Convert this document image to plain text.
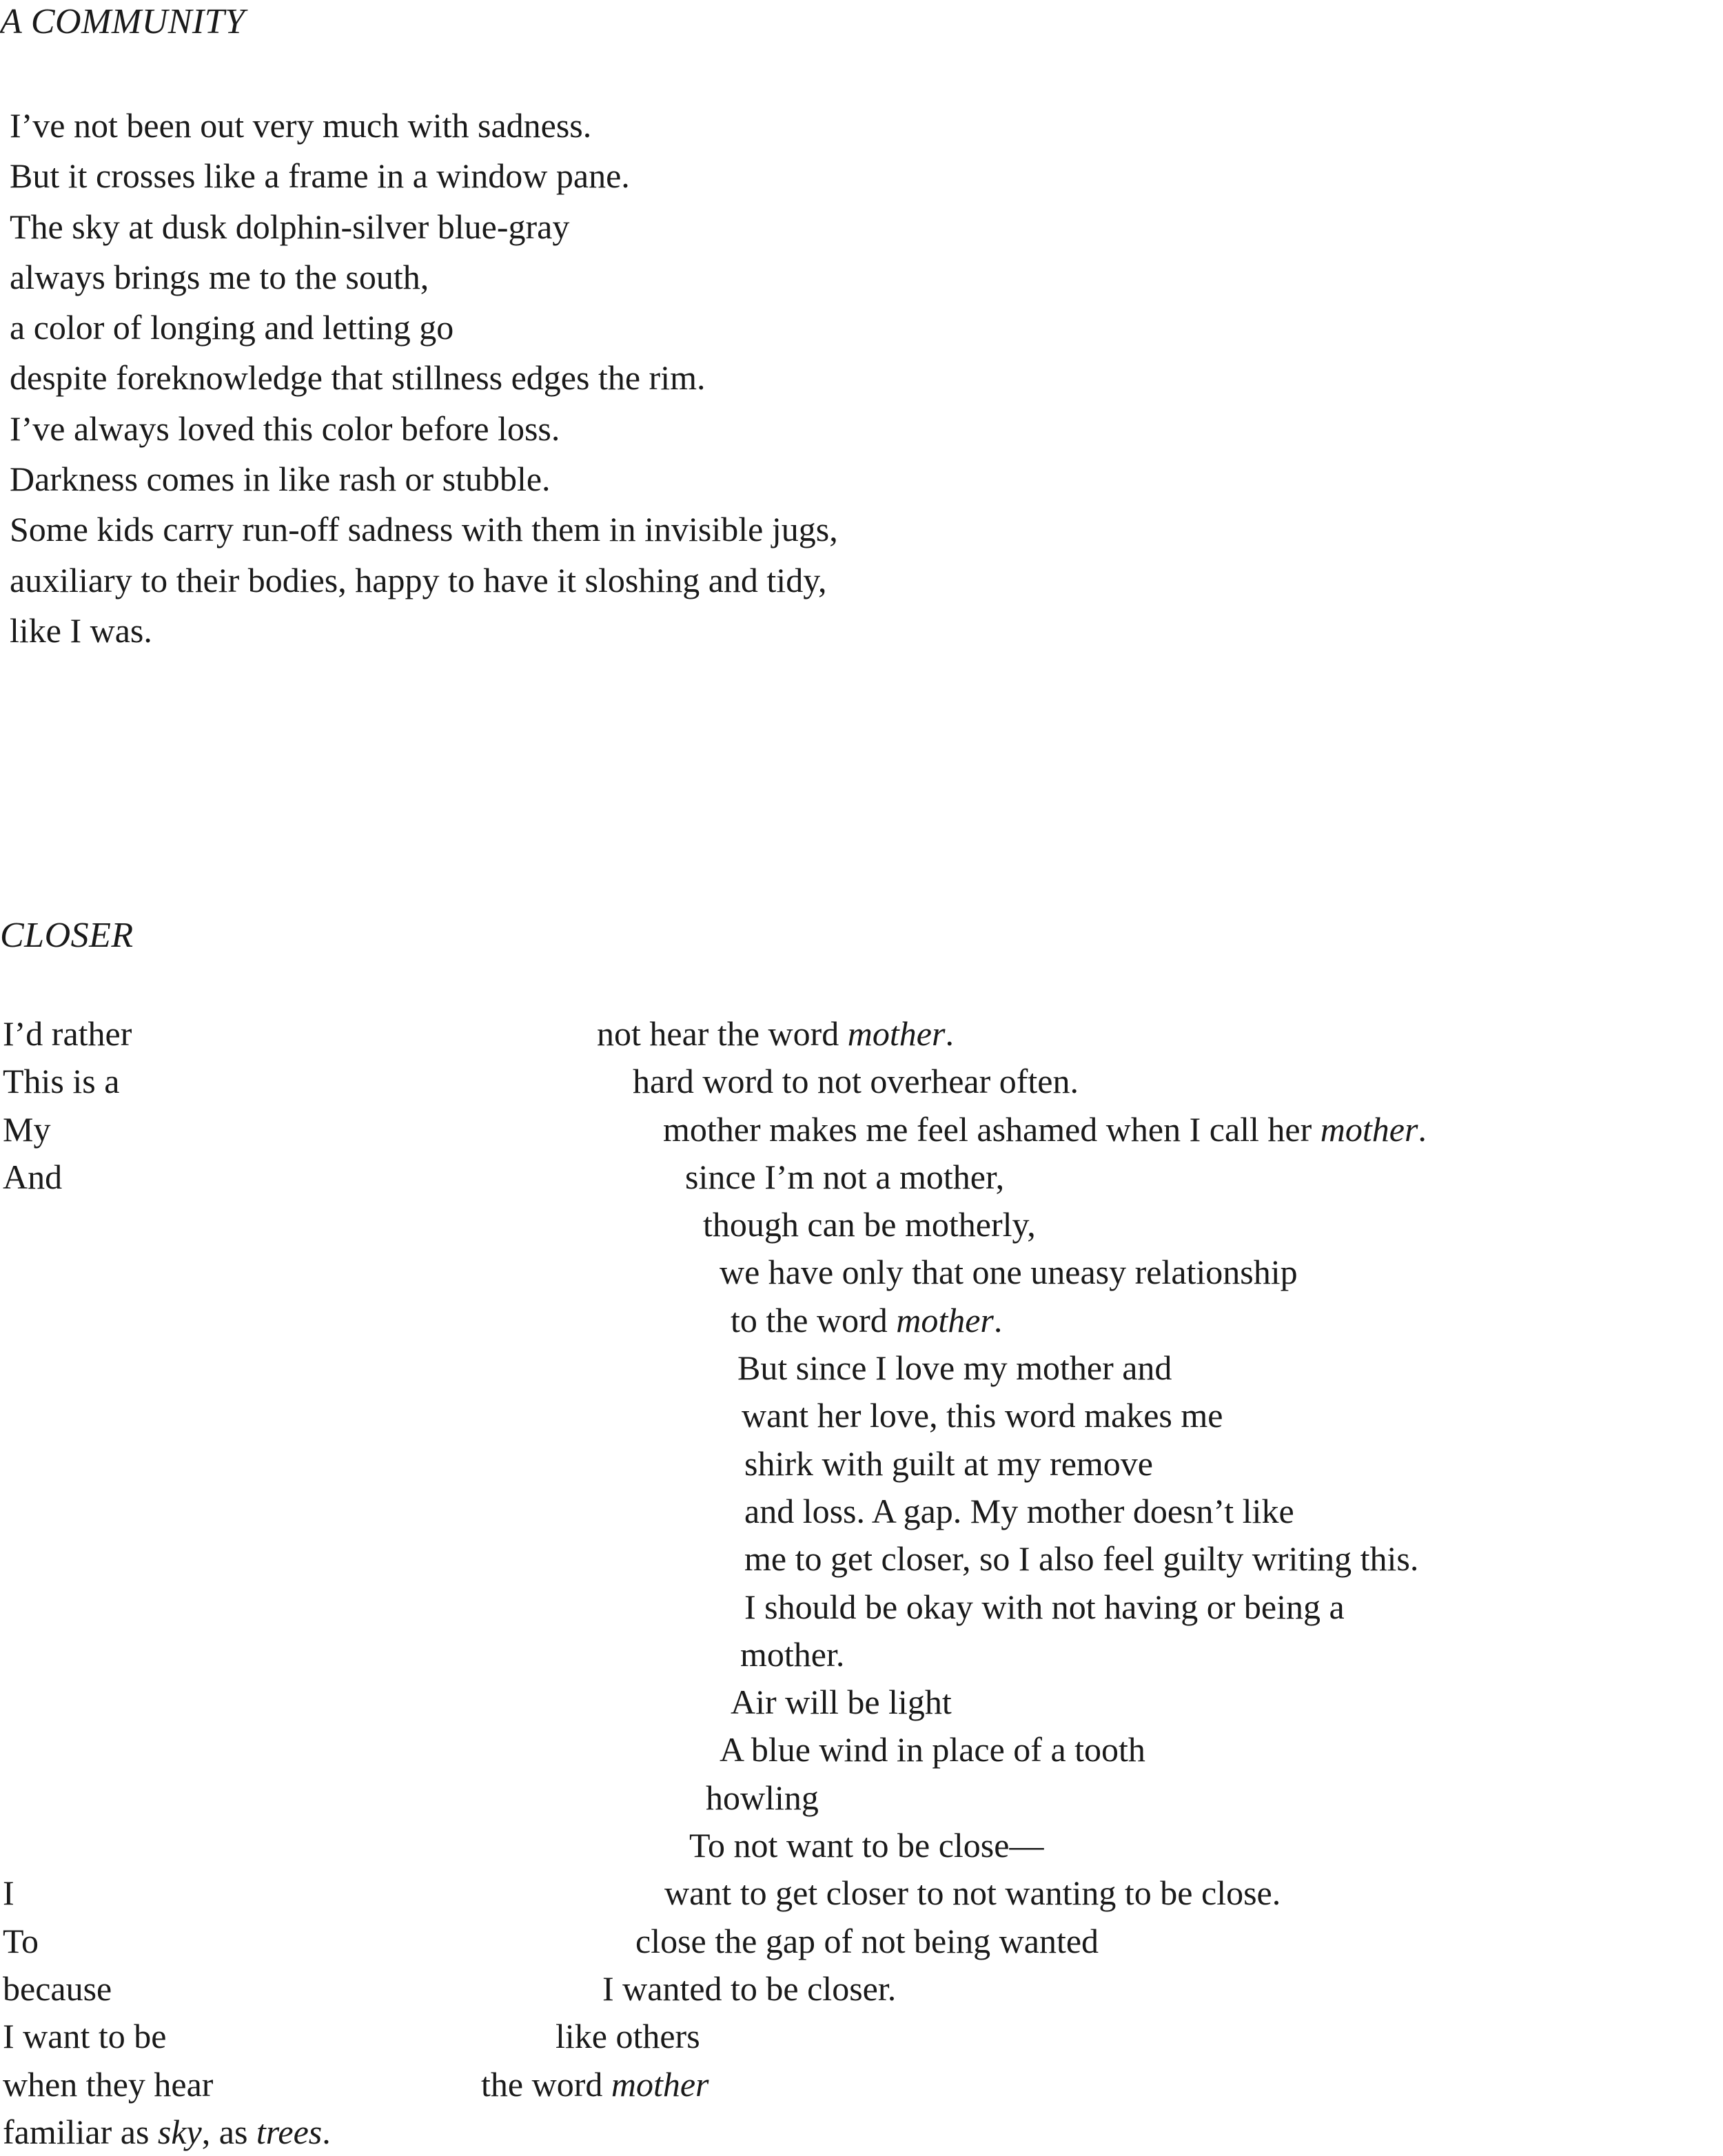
A COMMUNITY
I’ve not been out very much with sadness.
But it crosses like a frame in a window pane.
The sky at dusk dolphin-silver blue-gray
always brings me to the south,
a color of longing and letting go
despite foreknowledge that stillness edges the rim.
I’ve always loved this color before loss.
Darkness comes in like rash or stubble.
Some kids carry run-off sadness with them in invisible jugs,
auxiliary to their bodies, happy to have it sloshing and tidy,
like I was.
CLOSER
I’d rather	not hear the word mother.
This is a	hard word to not overhear often.
My	mother makes me feel ashamed when I call her mother.
And	since I’m not a mother,
though can be motherly,
we have only that one uneasy relationship
to the word mother.
But since I love my mother and
want her love, this word makes me
shirk with guilt at my remove
and loss. A gap. My mother doesn’t like
me to get closer, so I also feel guilty writing this.
I should be okay with not having or being a
mother.
Air will be light
A blue wind in place of a tooth
howling
To not want to be close—
I	want to get closer to not wanting to be close.
To	close the gap of not being wanted
because	I wanted to be closer.
I want to be	like others
when they hear	the word mother
familiar as sky, as trees.
